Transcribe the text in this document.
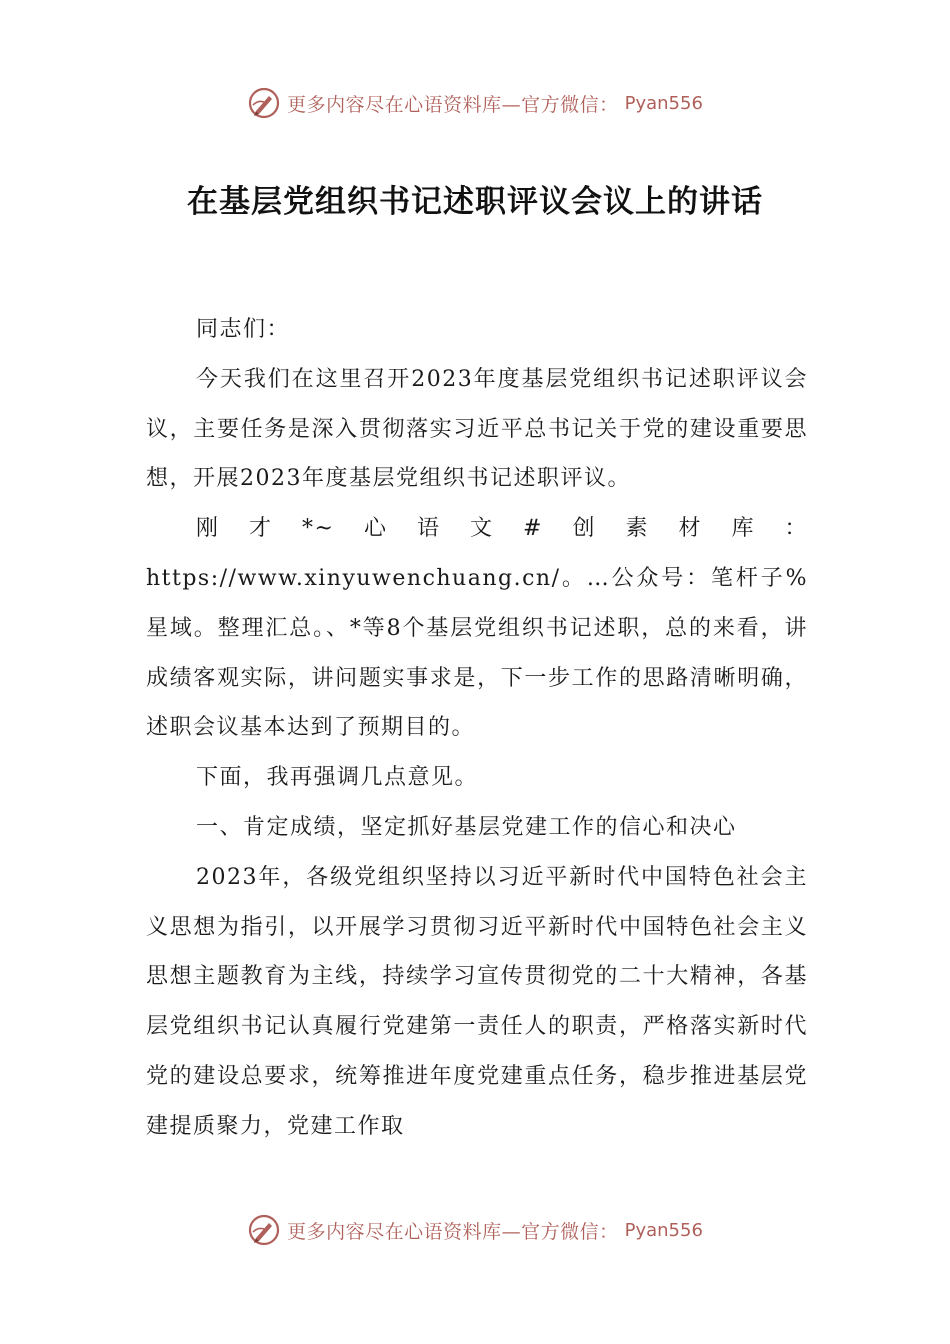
更多内容尽在心语资料库—官方微信： Pyan556
在基层党组织书记述职评议会议上的讲话

同志们：

今天我们在这里召开2023年度基层党组织书记述职评议会议，主要任务是深入贯彻落实习近平总书记关于党的建设重要思想，开展2023年度基层党组织书记述职评议。

刚才*~心语文#创素材库：https://www.xinyuwenchuang.cn/。…公众号：笔杆子%星域。整理汇总。、*等8个基层党组织书记述职，总的来看，讲成绩客观实际，讲问题实事求是，下一步工作的思路清晰明确，述职会议基本达到了预期目的。

下面，我再强调几点意见。

一、肯定成绩，坚定抓好基层党建工作的信心和决心

2023年，各级党组织坚持以习近平新时代中国特色社会主义思想为指引，以开展学习贯彻习近平新时代中国特色社会主义思想主题教育为主线，持续学习宣传贯彻党的二十大精神，各基层党组织书记认真履行党建第一责任人的职责，严格落实新时代党的建设总要求，统筹推进年度党建重点任务，稳步推进基层党建提质聚力，党建工作取

更多内容尽在心语资料库—官方微信： Pyan556
